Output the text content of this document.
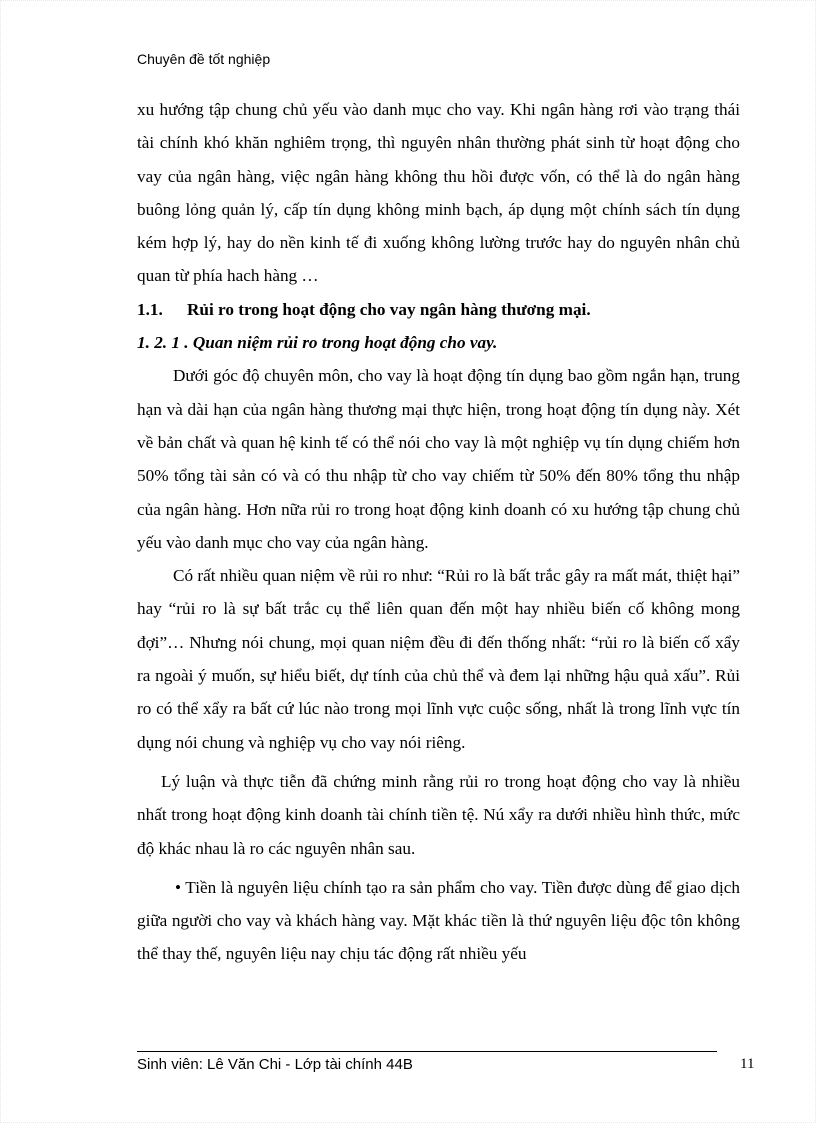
Chuyên đề tốt nghiệp

xu hướng tập chung chủ yếu vào danh mục cho vay. Khi ngân hàng rơi vào trạng thái tài chính khó khăn nghiêm trọng, thì nguyên nhân thường phát sinh từ hoạt động cho vay của ngân hàng, việc ngân hàng không thu hồi được vốn, có thể là do ngân hàng buông lỏng quản lý, cấp tín dụng không minh bạch, áp dụng một chính sách tín dụng kém hợp lý, hay do nền kinh tế đi xuống không lường trước hay do nguyên nhân chủ quan từ phía hach hàng …

1.1.	Rủi ro trong hoạt động cho vay ngân hàng thương mại.

1. 2. 1 . Quan niệm rủi ro trong hoạt động cho vay.

Dưới góc độ chuyên môn, cho vay là hoạt động tín dụng bao gồm ngắn hạn, trung hạn và dài hạn của ngân hàng thương mại thực hiện, trong hoạt động tín dụng này. Xét về bản chất và quan hệ kinh tế có thể nói cho vay là một nghiệp vụ tín dụng chiếm hơn 50% tổng tài sản có và có thu nhập từ cho vay chiếm từ 50% đến 80% tổng thu nhập của ngân hàng. Hơn nữa rủi ro trong hoạt động kinh doanh có xu hướng tập chung chủ yếu vào danh mục cho vay của ngân hàng.

Có rất nhiều quan niệm về rủi ro như: “Rủi ro là bất trắc gây ra mất mát, thiệt hại” hay “rủi ro là sự bất trắc cụ thể liên quan đến một hay nhiều biến cố không mong đợi”… Nhưng nói chung, mọi quan niệm đều đi đến thống nhất: “rủi ro là biến cố xẩy ra ngoài ý muốn, sự hiểu biết, dự tính của chủ thể và đem lại những hậu quả xấu”. Rủi ro có thể xẩy ra bất cứ lúc nào trong mọi lĩnh vực cuộc sống, nhất là trong lĩnh vực tín dụng nói chung và nghiệp vụ cho vay nói riêng.

Lý luận và thực tiễn đã chứng minh rằng rủi ro trong hoạt động cho vay là nhiều nhất trong hoạt động kinh doanh tài chính tiền tệ. Nú xẩy ra dưới nhiều hình thức, mức độ khác nhau là ro các nguyên nhân sau.

• Tiền là nguyên liệu chính tạo ra sản phẩm cho vay. Tiền được dùng để giao dịch giữa người cho vay và khách hàng vay. Mặt khác tiền là thứ nguyên liệu độc tôn không thể thay thế, nguyên liệu nay chịu tác động rất nhiều yếu

Sinh viên: Lê Văn Chi - Lớp tài chính 44B	11
